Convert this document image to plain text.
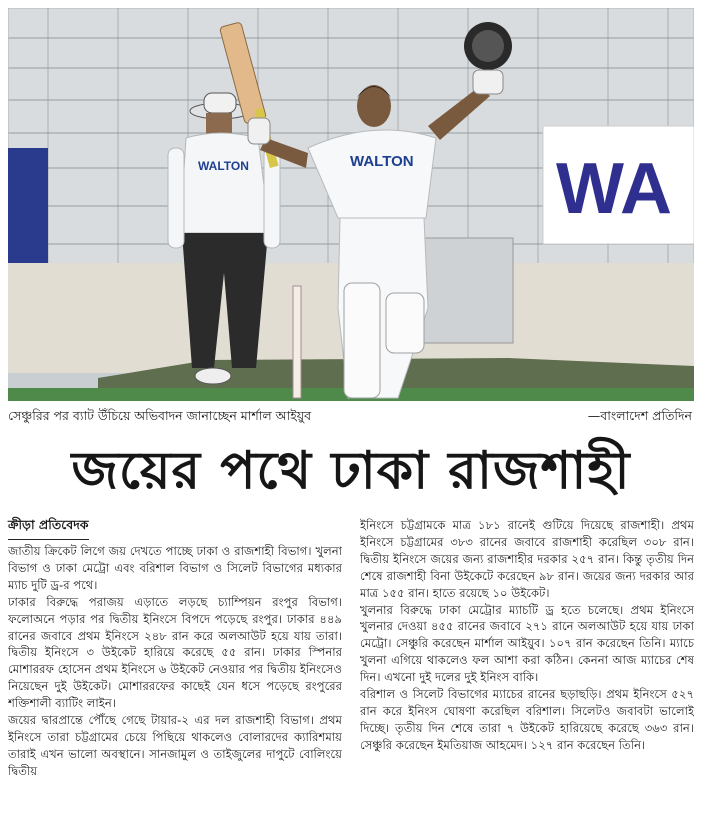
WA
WALTON	WALTON
সেঞ্চুরির পর ব্যাট উঁচিয়ে অভিবাদন জানাচ্ছেন মার্শাল আইয়ুব	—বাংলাদেশ প্রতিদিন
জয়ের পথে ঢাকা রাজশাহী
ক্রীড়া প্রতিবেদক

জাতীয় ক্রিকেট লিগে জয় দেখতে পাচ্ছে ঢাকা ও রাজশাহী বিভাগ। খুলনা বিভাগ ও ঢাকা মেট্রো এবং বরিশাল বিভাগ ও সিলেট বিভাগের মধ্যকার ম্যাচ দুটি ড্র-র পথে।

ঢাকার বিরুদ্ধে পরাজয় এড়াতে লড়ছে চ্যাম্পিয়ন রংপুর বিভাগ। ফলোঅনে পড়ার পর দ্বিতীয় ইনিংসে বিপদে পড়েছে রংপুর। ঢাকার ৪৪৯ রানের জবাবে প্রথম ইনিংসে ২৪৮ রান করে অলআউট হয়ে যায় তারা। দ্বিতীয় ইনিংসে ৩ উইকেট হারিয়ে করেছে ৫৫ রান। ঢাকার স্পিনার মোশাররফ হোসেন প্রথম ইনিংসে ৬ উইকেট নেওয়ার পর দ্বিতীয় ইনিংসেও নিয়েছেন দুই উইকেট। মোশাররফের কাছেই যেন ধসে পড়েছে রংপুরের শক্তিশালী ব্যাটিং লাইন।

জয়ের দ্বারপ্রান্তে পৌঁছে গেছে টায়ার-২ এর দল রাজশাহী বিভাগ। প্রথম ইনিংসে তারা চট্টগ্রামের চেয়ে পিছিয়ে থাকলেও বোলারদের ক্যারিশমায় তারাই এখন ভালো অবস্থানে। সানজামুল ও তাইজুলের দাপুটে বোলিংয়ে দ্বিতীয়

ইনিংসে চট্টগ্রামকে মাত্র ১৮১ রানেই গুটিয়ে দিয়েছে রাজশাহী। প্রথম ইনিংসে চট্টগ্রামের ৩৮৩ রানের জবাবে রাজশাহী করেছিল ৩০৮ রান। দ্বিতীয় ইনিংসে জয়ের জন্য রাজশাহীর দরকার ২৫৭ রান। কিন্তু তৃতীয় দিন শেষে রাজশাহী বিনা উইকেটে করেছেন ৯৮ রান। জয়ের জন্য দরকার আর মাত্র ১৫৫ রান। হাতে রয়েছে ১০ উইকেট।

খুলনার বিরুদ্ধে ঢাকা মেট্রোর ম্যাচটি ড্র হতে চলেছে। প্রথম ইনিংসে খুলনার দেওয়া ৪৫৫ রানের জবাবে ২৭১ রানে অলআউট হয়ে যায় ঢাকা মেট্রো। সেঞ্চুরি করেছেন মার্শাল আইয়ুব। ১০৭ রান করেছেন তিনি। ম্যাচে খুলনা এগিয়ে থাকলেও ফল আশা করা কঠিন। কেননা আজ ম্যাচের শেষ দিন। এখনো দুই দলের দুই ইনিংস বাকি।

বরিশাল ও সিলেট বিভাগের ম্যাচের রানের ছড়াছড়ি। প্রথম ইনিংসে ৫২৭ রান করে ইনিংস ঘোষণা করেছিল বরিশাল। সিলেটও জবাবটা ভালোই দিচ্ছে। তৃতীয় দিন শেষে তারা ৭ উইকেট হারিয়েছে করেছে ৩৬৩ রান। সেঞ্চুরি করেছেন ইমতিয়াজ আহমেদ। ১২৭ রান করেছেন তিনি।
